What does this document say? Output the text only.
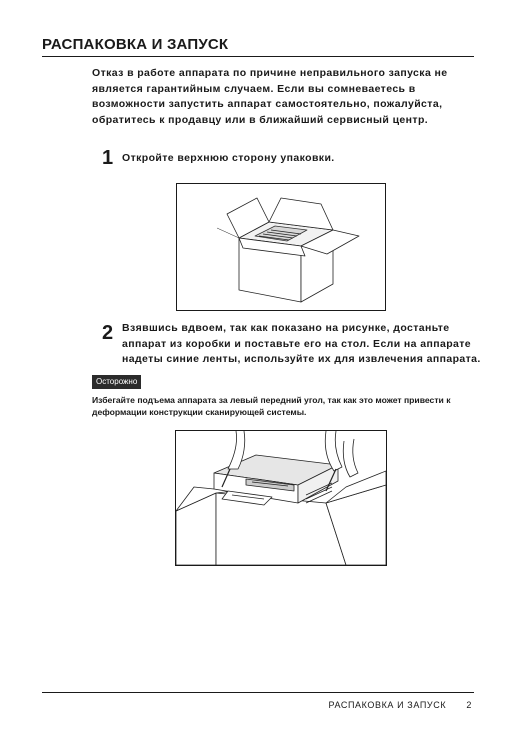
РАСПАКОВКА И ЗАПУСК
Отказ в работе аппарата по причине неправильного запуска не
является гарантийным случаем. Если вы сомневаетесь в
возможности запустить аппарат самостоятельно, пожалуйста,
обратитесь к продавцу или в ближайший сервисный центр.
1 Откройте верхнюю сторону упаковки.
2 Взявшись вдвоем, так как показано на рисунке, достаньте
аппарат из коробки и поставьте его на стол. Если на аппарате
надеты синие ленты, используйте их для извлечения аппарата.
Осторожно
Избегайте подъема аппарата за левый передний угол, так как это может привести к
деформации конструкции сканирующей системы.
РАСПАКОВКА И ЗАПУСК 2
